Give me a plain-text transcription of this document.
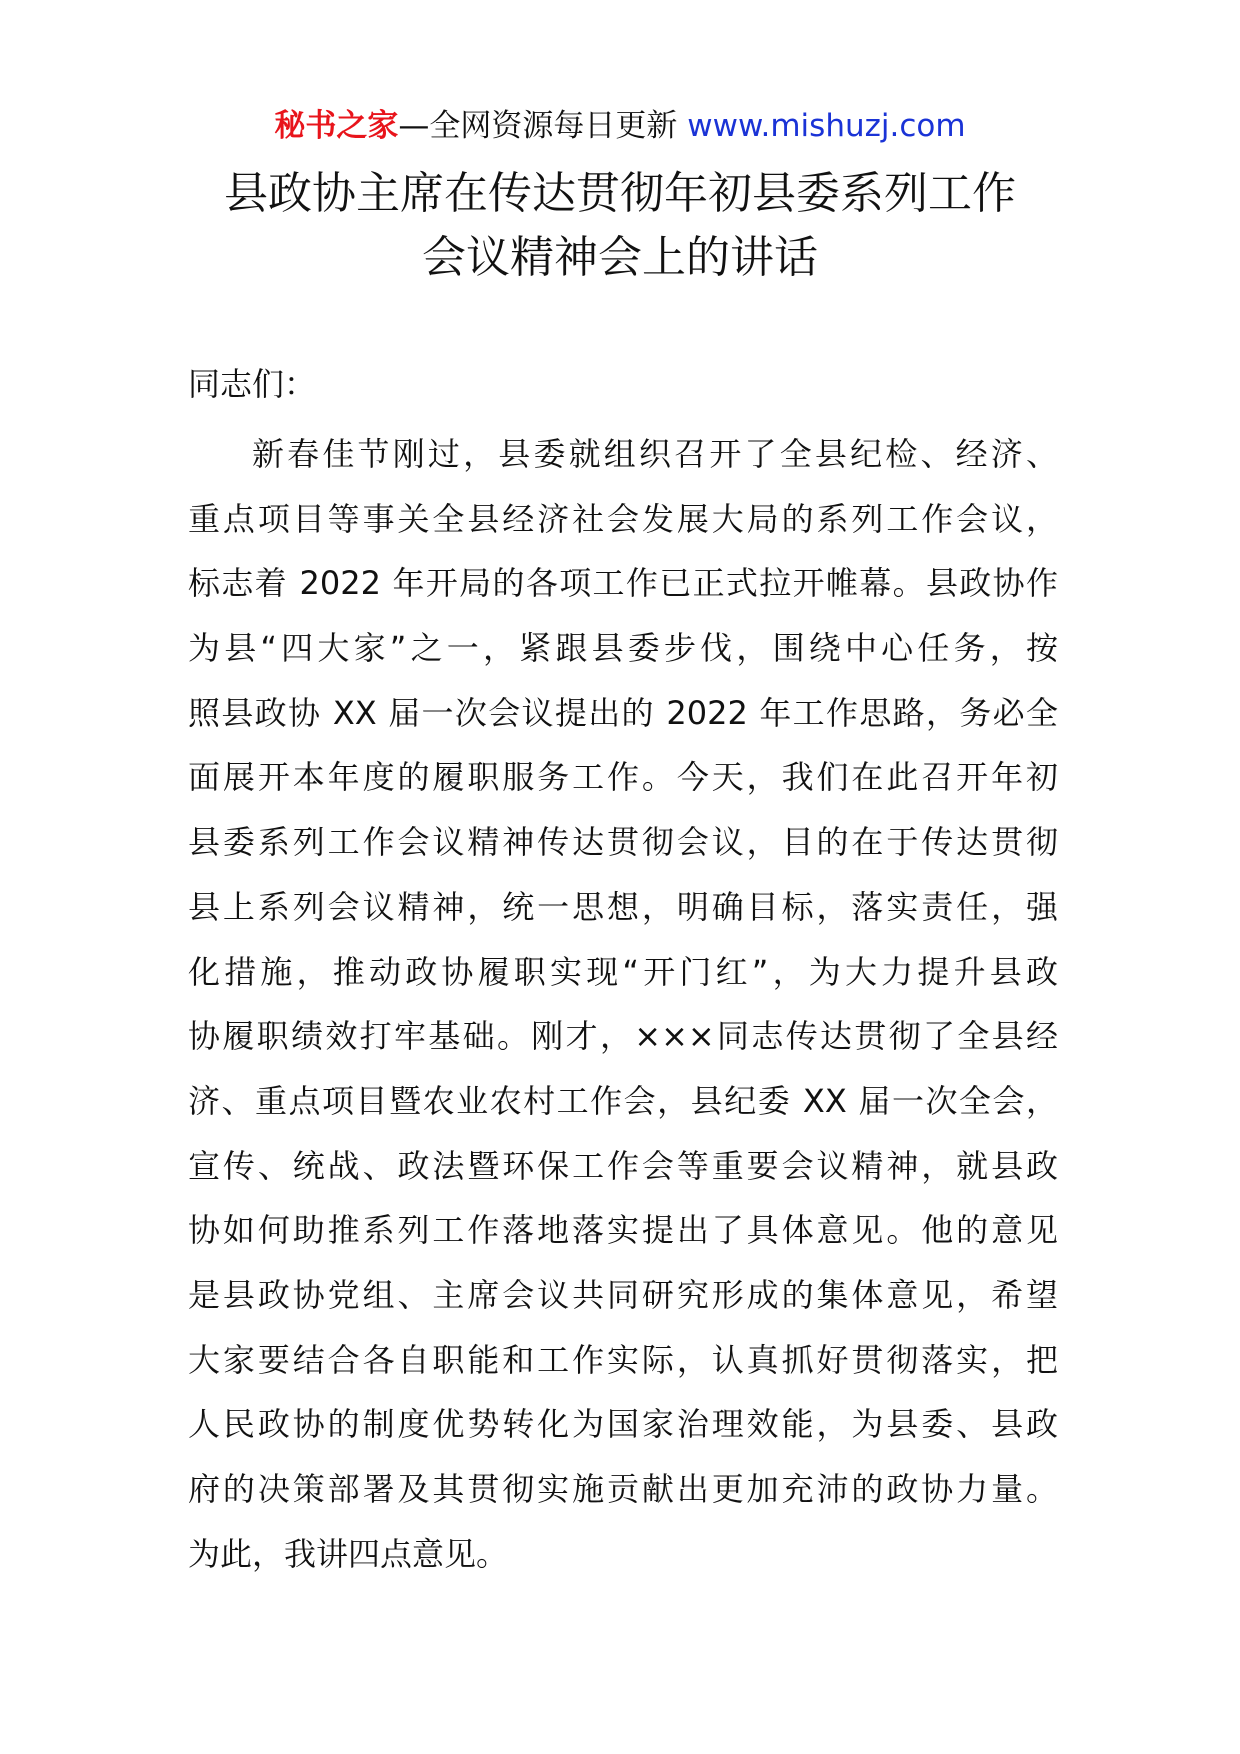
秘书之家—全网资源每日更新 www.mishuzj.com
县政协主席在传达贯彻年初县委系列工作
会议精神会上的讲话
同志们：
新春佳节刚过，县委就组织召开了全县纪检、经济、
重点项目等事关全县经济社会发展大局的系列工作会议，
标志着 2022 年开局的各项工作已正式拉开帷幕。县政协作
为县“四大家”之一，紧跟县委步伐，围绕中心任务，按
照县政协 XX 届一次会议提出的 2022 年工作思路，务必全
面展开本年度的履职服务工作。今天，我们在此召开年初
县委系列工作会议精神传达贯彻会议，目的在于传达贯彻
县上系列会议精神，统一思想，明确目标，落实责任，强
化措施，推动政协履职实现“开门红”，为大力提升县政
协履职绩效打牢基础。刚才，×××同志传达贯彻了全县经
济、重点项目暨农业农村工作会，县纪委 XX 届一次全会，
宣传、统战、政法暨环保工作会等重要会议精神，就县政
协如何助推系列工作落地落实提出了具体意见。他的意见
是县政协党组、主席会议共同研究形成的集体意见，希望
大家要结合各自职能和工作实际，认真抓好贯彻落实，把
人民政协的制度优势转化为国家治理效能，为县委、县政
府的决策部署及其贯彻实施贡献出更加充沛的政协力量。
为此，我讲四点意见。
